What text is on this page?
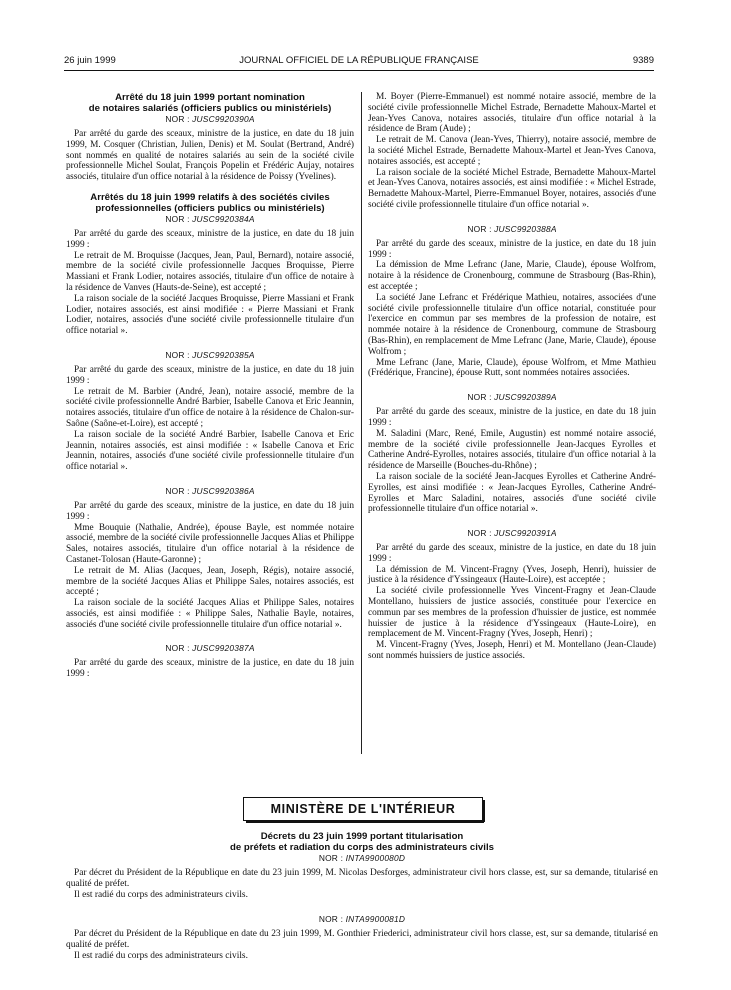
26 juin 1999	JOURNAL OFFICIEL DE LA RÉPUBLIQUE FRANÇAISE	9389

Arrêté du 18 juin 1999 portant nomination

de notaires salariés (officiers publics ou ministériels)

NOR : JUSC9920390A

Par arrêté du garde des sceaux, ministre de la justice, en date du 18 juin 1999, M. Cosquer (Christian, Julien, Denis) et M. Soulat (Bertrand, André) sont nommés en qualité de notaires salariés au sein de la société civile professionnelle Michel Soulat, François Popelin et Frédéric Aujay, notaires associés, titulaire d'un office notarial à la résidence de Poissy (Yvelines).

Arrêtés du 18 juin 1999 relatifs à des sociétés civiles

professionnelles (officiers publics ou ministériels)

NOR : JUSC9920384A

Par arrêté du garde des sceaux, ministre de la justice, en date du 18 juin 1999 :

Le retrait de M. Broquisse (Jacques, Jean, Paul, Bernard), notaire associé, membre de la société civile professionnelle Jacques Broquisse, Pierre Massiani et Frank Lodier, notaires associés, titulaire d'un office de notaire à la résidence de Vanves (Hauts-de-Seine), est accepté ;

La raison sociale de la société Jacques Broquisse, Pierre Massiani et Frank Lodier, notaires associés, est ainsi modifiée : « Pierre Massiani et Frank Lodier, notaires, associés d'une société civile professionnelle titulaire d'un office notarial ».

NOR : JUSC9920385A

Par arrêté du garde des sceaux, ministre de la justice, en date du 18 juin 1999 :

Le retrait de M. Barbier (André, Jean), notaire associé, membre de la société civile professionnelle André Barbier, Isabelle Canova et Eric Jeannin, notaires associés, titulaire d'un office de notaire à la résidence de Chalon-sur-Saône (Saône-et-Loire), est accepté ;

La raison sociale de la société André Barbier, Isabelle Canova et Eric Jeannin, notaires associés, est ainsi modifiée : « Isabelle Canova et Eric Jeannin, notaires, associés d'une société civile professionnelle titulaire d'un office notarial ».

NOR : JUSC9920386A

Par arrêté du garde des sceaux, ministre de la justice, en date du 18 juin 1999 :

Mme Bouquie (Nathalie, Andrée), épouse Bayle, est nommée notaire associé, membre de la société civile professionnelle Jacques Alias et Philippe Sales, notaires associés, titulaire d'un office notarial à la résidence de Castanet-Tolosan (Haute-Garonne) ;

Le retrait de M. Alias (Jacques, Jean, Joseph, Régis), notaire associé, membre de la société Jacques Alias et Philippe Sales, notaires associés, est accepté ;

La raison sociale de la société Jacques Alias et Philippe Sales, notaires associés, est ainsi modifiée : « Philippe Sales, Nathalie Bayle, notaires, associés d'une société civile professionnelle titulaire d'un office notarial ».

NOR : JUSC9920387A

Par arrêté du garde des sceaux, ministre de la justice, en date du 18 juin 1999 :

M. Boyer (Pierre-Emmanuel) est nommé notaire associé, membre de la société civile professionnelle Michel Estrade, Bernadette Mahoux-Martel et Jean-Yves Canova, notaires associés, titulaire d'un office notarial à la résidence de Bram (Aude) ;

Le retrait de M. Canova (Jean-Yves, Thierry), notaire associé, membre de la société Michel Estrade, Bernadette Mahoux-Martel et Jean-Yves Canova, notaires associés, est accepté ;

La raison sociale de la société Michel Estrade, Bernadette Mahoux-Martel et Jean-Yves Canova, notaires associés, est ainsi modifiée : « Michel Estrade, Bernadette Mahoux-Martel, Pierre-Emmanuel Boyer, notaires, associés d'une société civile professionnelle titulaire d'un office notarial ».

NOR : JUSC9920388A

Par arrêté du garde des sceaux, ministre de la justice, en date du 18 juin 1999 :

La démission de Mme Lefranc (Jane, Marie, Claude), épouse Wolfrom, notaire à la résidence de Cronenbourg, commune de Strasbourg (Bas-Rhin), est acceptée ;

La société Jane Lefranc et Frédérique Mathieu, notaires, associées d'une société civile professionnelle titulaire d'un office notarial, constituée pour l'exercice en commun par ses membres de la profession de notaire, est nommée notaire à la résidence de Cronenbourg, commune de Strasbourg (Bas-Rhin), en remplacement de Mme Lefranc (Jane, Marie, Claude), épouse Wolfrom ;

Mme Lefranc (Jane, Marie, Claude), épouse Wolfrom, et Mme Mathieu (Frédérique, Francine), épouse Rutt, sont nommées notaires associées.

NOR : JUSC9920389A

Par arrêté du garde des sceaux, ministre de la justice, en date du 18 juin 1999 :

M. Saladini (Marc, René, Emile, Augustin) est nommé notaire associé, membre de la société civile professionnelle Jean-Jacques Eyrolles et Catherine André-Eyrolles, notaires associés, titulaire d'un office notarial à la résidence de Marseille (Bouches-du-Rhône) ;

La raison sociale de la société Jean-Jacques Eyrolles et Catherine André-Eyrolles, est ainsi modifiée : « Jean-Jacques Eyrolles, Catherine André-Eyrolles et Marc Saladini, notaires, associés d'une société civile professionnelle titulaire d'un office notarial ».

NOR : JUSC9920391A

Par arrêté du garde des sceaux, ministre de la justice, en date du 18 juin 1999 :

La démission de M. Vincent-Fragny (Yves, Joseph, Henri), huissier de justice à la résidence d'Yssingeaux (Haute-Loire), est acceptée ;

La société civile professionnelle Yves Vincent-Fragny et Jean-Claude Montellano, huissiers de justice associés, constituée pour l'exercice en commun par ses membres de la profession d'huissier de justice, est nommée huissier de justice à la résidence d'Yssingeaux (Haute-Loire), en remplacement de M. Vincent-Fragny (Yves, Joseph, Henri) ;

M. Vincent-Fragny (Yves, Joseph, Henri) et M. Montellano (Jean-Claude) sont nommés huissiers de justice associés.

MINISTÈRE DE L'INTÉRIEUR

Décrets du 23 juin 1999 portant titularisation

de préfets et radiation du corps des administrateurs civils

NOR : INTA9900080D

Par décret du Président de la République en date du 23 juin 1999, M. Nicolas Desforges, administrateur civil hors classe, est, sur sa demande, titularisé en qualité de préfet.

Il est radié du corps des administrateurs civils.

NOR : INTA9900081D

Par décret du Président de la République en date du 23 juin 1999, M. Gonthier Friederici, administrateur civil hors classe, est, sur sa demande, titularisé en qualité de préfet.

Il est radié du corps des administrateurs civils.
